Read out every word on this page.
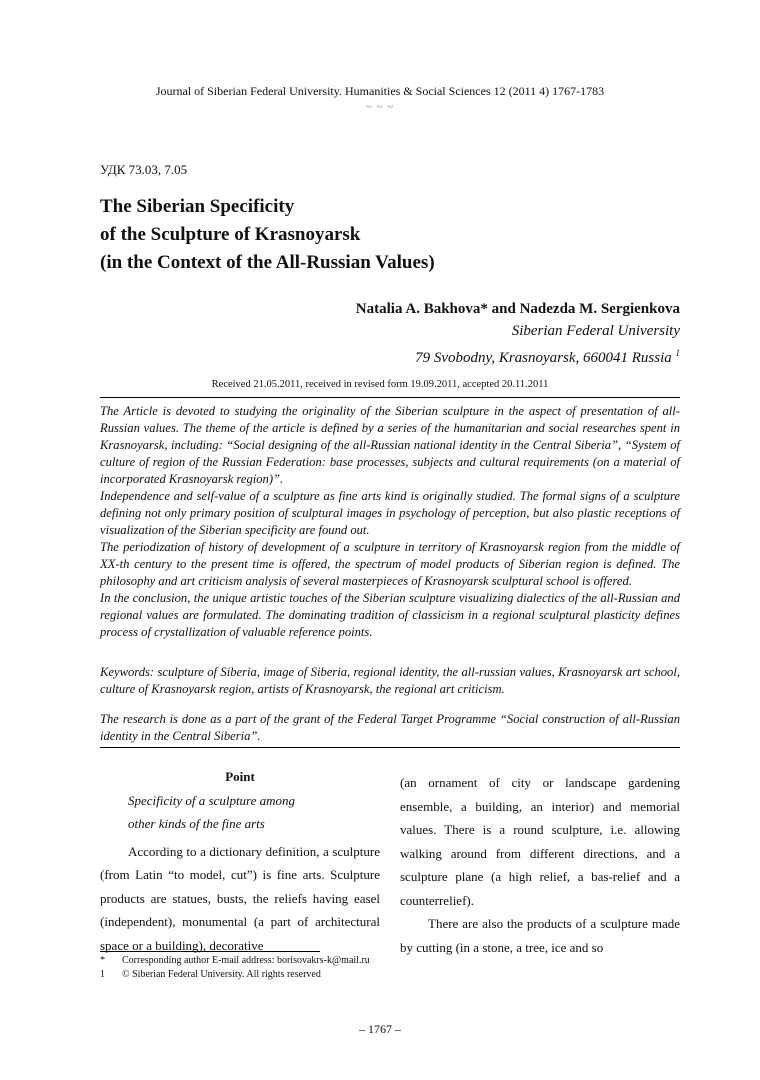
Journal of Siberian Federal University. Humanities & Social Sciences 12 (2011 4) 1767-1783
~ ~ ~
УДК 73.03, 7.05
The Siberian Specificity
of the Sculpture of Krasnoyarsk
(in the Context of the All-Russian Values)
Natalia A. Bakhova* and Nadezda M. Sergienkova
Siberian Federal University
79 Svobodny, Krasnoyarsk, 660041 Russia $^1$
Received 21.05.2011, received in revised form 19.09.2011, accepted 20.11.2011

The Article is devoted to studying the originality of the Siberian sculpture in the aspect of presentation of all-Russian values. The theme of the article is defined by a series of the humanitarian and social researches spent in Krasnoyarsk, including: “Social designing of the all-Russian national identity in the Central Siberia”, “System of culture of region of the Russian Federation: base processes, subjects and cultural requirements (on a material of incorporated Krasnoyarsk region)”.

Independence and self-value of a sculpture as fine arts kind is originally studied. The formal signs of a sculpture defining not only primary position of sculptural images in psychology of perception, but also plastic receptions of visualization of the Siberian specificity are found out.

The periodization of history of development of a sculpture in territory of Krasnoyarsk region from the middle of XX-th century to the present time is offered, the spectrum of model products of Siberian region is defined. The philosophy and art criticism analysis of several masterpieces of Krasnoyarsk sculptural school is offered.

In the conclusion, the unique artistic touches of the Siberian sculpture visualizing dialectics of the all-Russian and regional values are formulated. The dominating tradition of classicism in a regional sculptural plasticity defines process of crystallization of valuable reference points.

Keywords: sculpture of Siberia, image of Siberia, regional identity, the all-russian values, Krasnoyarsk art school, culture of Krasnoyarsk region, artists of Krasnoyarsk, the regional art criticism.
The research is done as a part of the grant of the Federal Target Programme “Social construction of all-Russian identity in the Central Siberia”.

Point

Specificity of a sculpture among

other kinds of the fine arts

According to a dictionary definition, a sculpture (from Latin “to model, cut”) is fine arts. Sculpture products are statues, busts, the reliefs having easel (independent), monumental (a part of architectural space or a building), decorative

(an ornament of city or landscape gardening ensemble, a building, an interior) and memorial values. There is a round sculpture, i.e. allowing walking around from different directions, and a sculpture plane (a high relief, a bas-relief and a counterrelief).

There are also the products of a sculpture made by cutting (in a stone, a tree, ice and so

* Corresponding author E-mail address: borisovakrs-k@mail.ru
1 © Siberian Federal University. All rights reserved
– 1767 –
